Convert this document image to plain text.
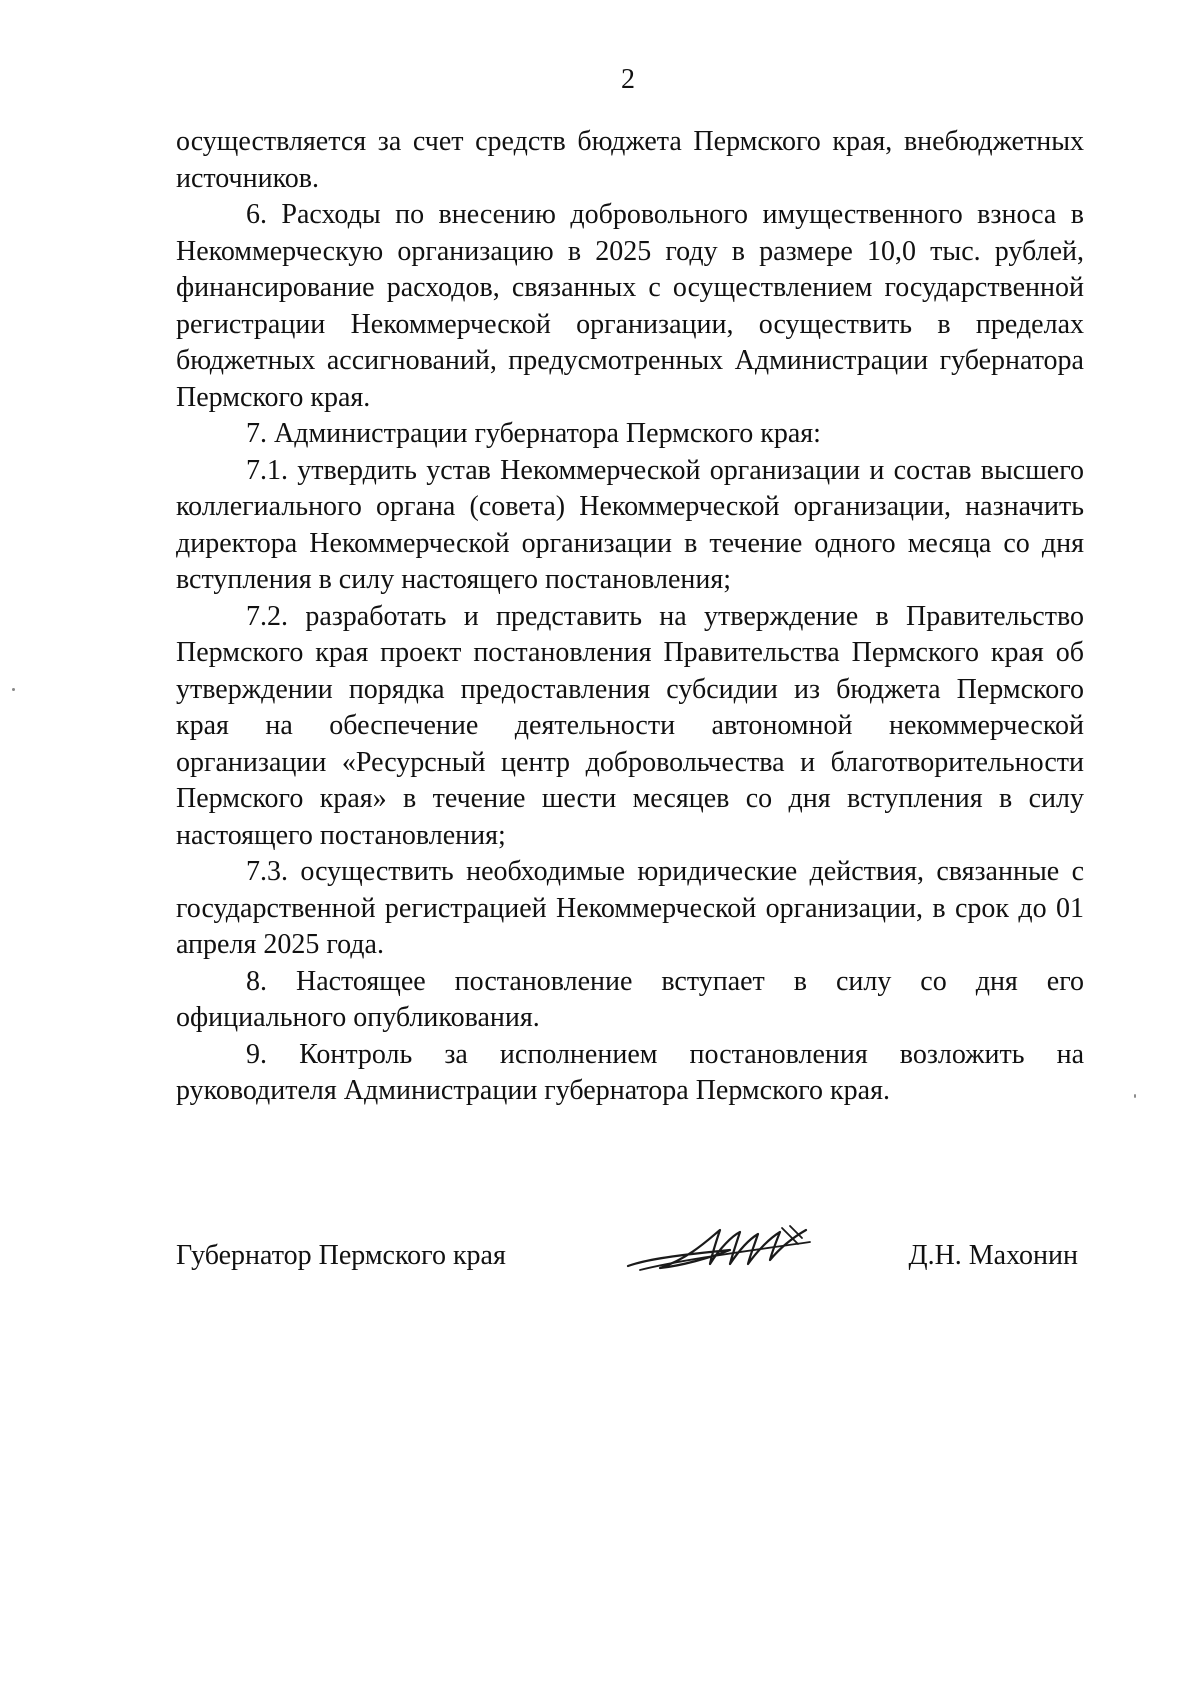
2

осуществляется за счет средств бюджета Пермского края, внебюджетных источников.

6. Расходы по внесению добровольного имущественного взноса в Некоммерческую организацию в 2025 году в размере 10,0 тыс. рублей, финансирование расходов, связанных с осуществлением государственной регистрации Некоммерческой организации, осуществить в пределах бюджетных ассигнований, предусмотренных Администрации губернатора Пермского края.

7. Администрации губернатора Пермского края:

7.1. утвердить устав Некоммерческой организации и состав высшего коллегиального органа (совета) Некоммерческой организации, назначить директора Некоммерческой организации в течение одного месяца со дня вступления в силу настоящего постановления;

7.2. разработать и представить на утверждение в Правительство Пермского края проект постановления Правительства Пермского края об утверждении порядка предоставления субсидии из бюджета Пермского края на обеспечение деятельности автономной некоммерческой организации «Ресурсный центр добровольчества и благотворительности Пермского края» в течение шести месяцев со дня вступления в силу настоящего постановления;

7.3. осуществить необходимые юридические действия, связанные с государственной регистрацией Некоммерческой организации, в срок до 01 апреля 2025 года.

8. Настоящее постановление вступает в силу со дня его официального опубликования.

9. Контроль за исполнением постановления возложить на руководителя Администрации губернатора Пермского края.

Губернатор Пермского края	Д.Н. Махонин
